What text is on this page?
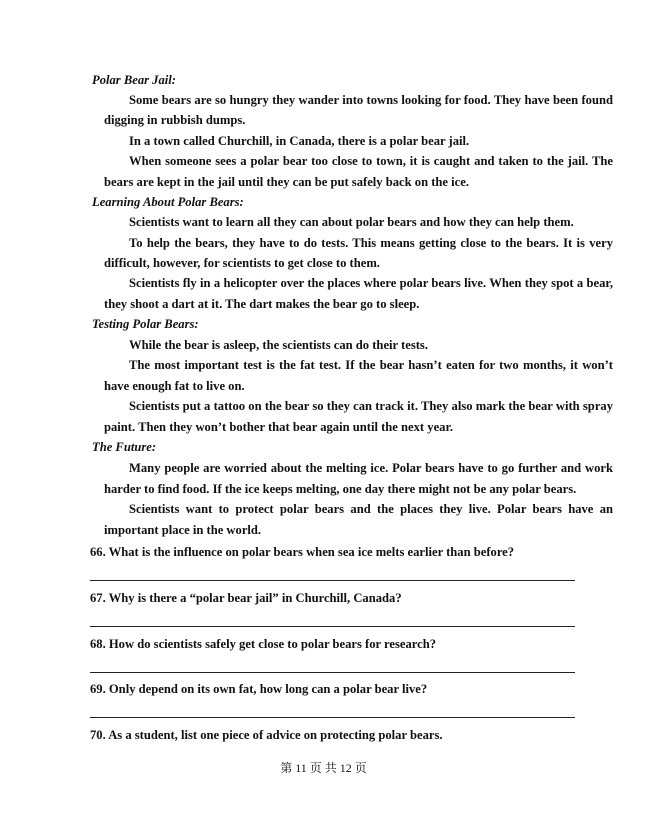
Polar Bear Jail:
Some bears are so hungry they wander into towns looking for food. They have been found
digging in rubbish dumps.
In a town called Churchill, in Canada, there is a polar bear jail.
When someone sees a polar bear too close to town, it is caught and taken to the jail. The
bears are kept in the jail until they can be put safely back on the ice.
Learning About Polar Bears:
Scientists want to learn all they can about polar bears and how they can help them.
To help the bears, they have to do tests. This means getting close to the bears. It is very
difficult, however, for scientists to get close to them.
Scientists fly in a helicopter over the places where polar bears live. When they spot a bear,
they shoot a dart at it. The dart makes the bear go to sleep.
Testing Polar Bears:
While the bear is asleep, the scientists can do their tests.
The most important test is the fat test. If the bear hasn’t eaten for two months, it won’t
have enough fat to live on.
Scientists put a tattoo on the bear so they can track it. They also mark the bear with spray
paint. Then they won’t bother that bear again until the next year.
The Future:
Many people are worried about the melting ice. Polar bears have to go further and work
harder to find food. If the ice keeps melting, one day there might not be any polar bears.
Scientists want to protect polar bears and the places they live. Polar bears have an
important place in the world.
66. What is the influence on polar bears when sea ice melts earlier than before?
67. Why is there a “polar bear jail” in Churchill, Canada?
68. How do scientists safely get close to polar bears for research?
69. Only depend on its own fat, how long can a polar bear live?
70. As a student, list one piece of advice on protecting polar bears.
第 11 页 共 12 页
